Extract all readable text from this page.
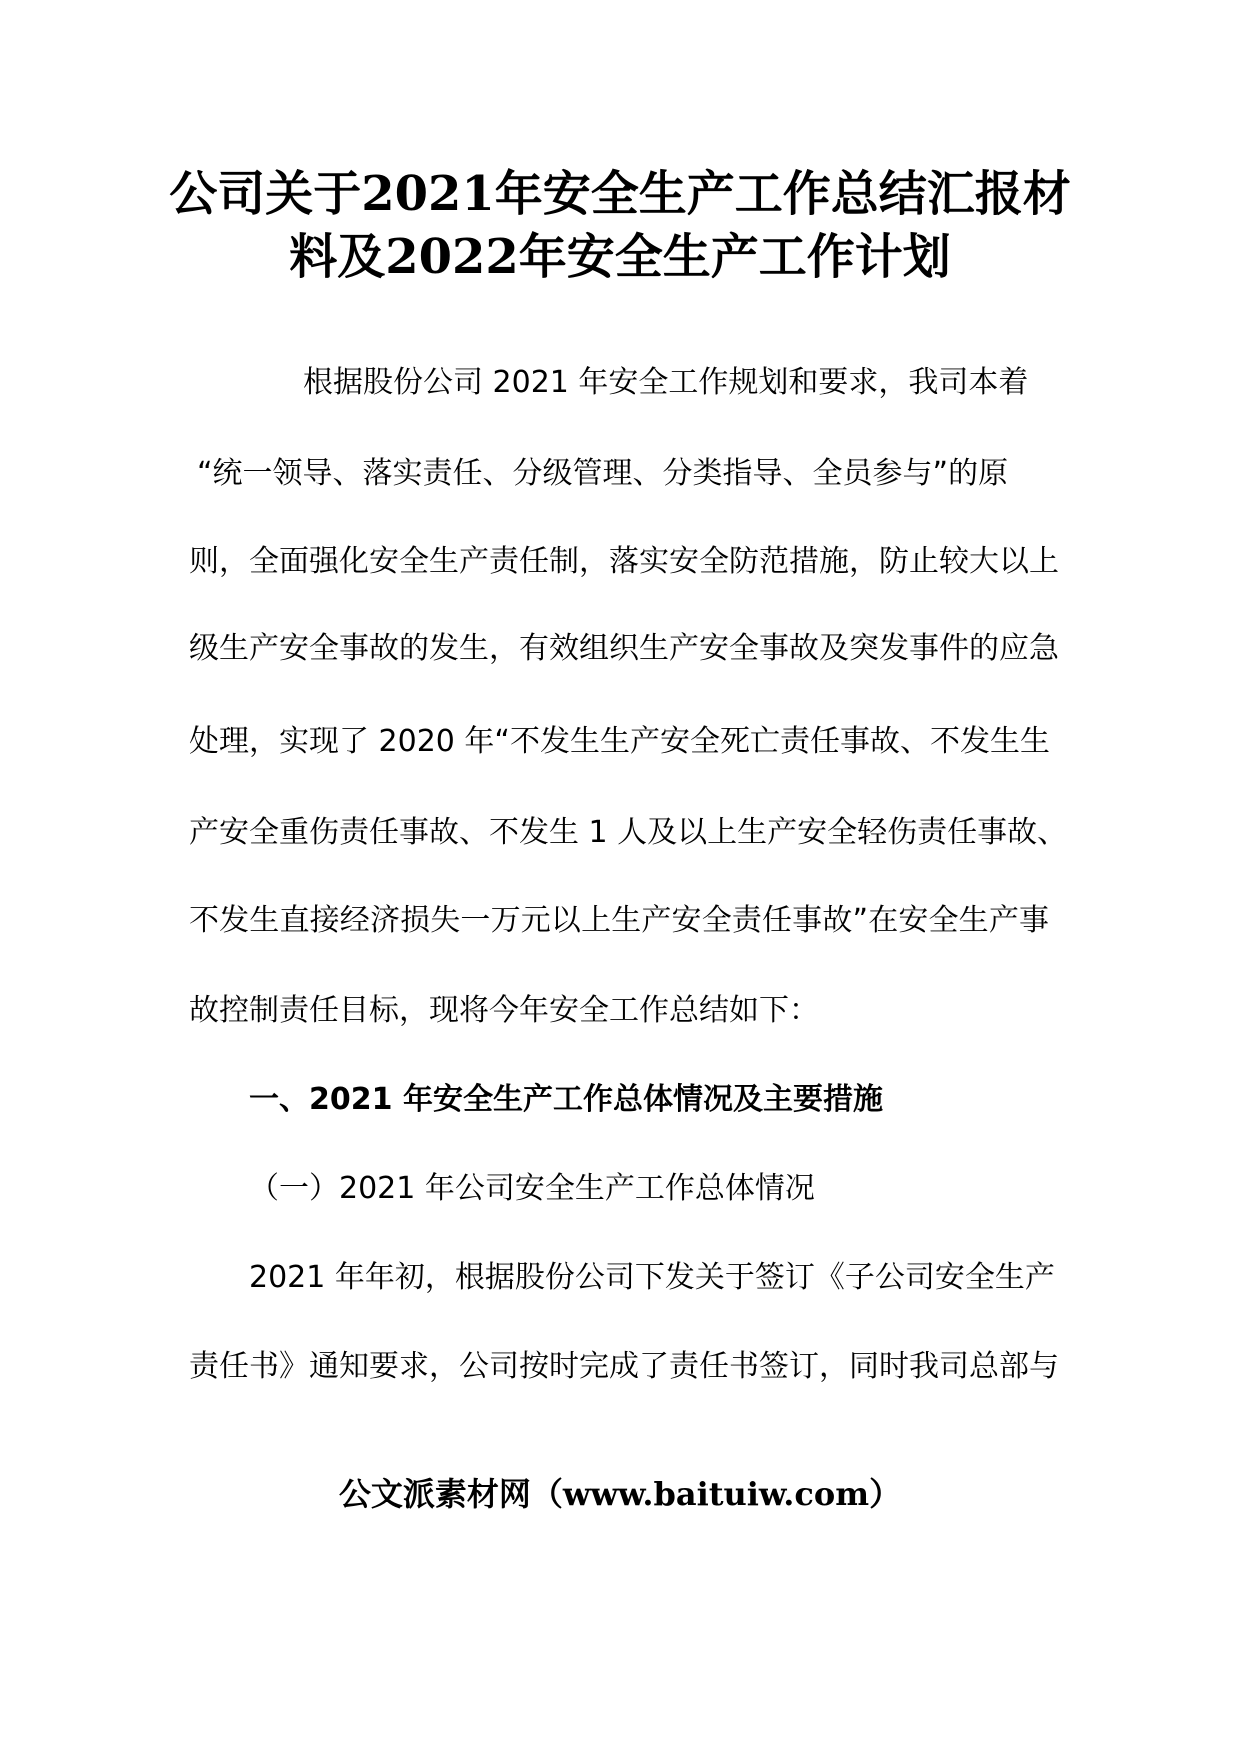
公司关于2021年安全生产工作总结汇报材
料及2022年安全生产工作计划
根据股份公司 2021 年安全工作规划和要求，我司本着
“统一领导、落实责任、分级管理、分类指导、全员参与”的原
则，全面强化安全生产责任制，落实安全防范措施，防止较大以上
级生产安全事故的发生，有效组织生产安全事故及突发事件的应急
处理，实现了 2020 年“不发生生产安全死亡责任事故、不发生生
产安全重伤责任事故、不发生 1 人及以上生产安全轻伤责任事故、
不发生直接经济损失一万元以上生产安全责任事故”在安全生产事
故控制责任目标，现将今年安全工作总结如下：
一、2021 年安全生产工作总体情况及主要措施
（一）2021 年公司安全生产工作总体情况
2021 年年初，根据股份公司下发关于签订《子公司安全生产
责任书》通知要求，公司按时完成了责任书签订，同时我司总部与
公文派素材网（www.baituiw.com）
